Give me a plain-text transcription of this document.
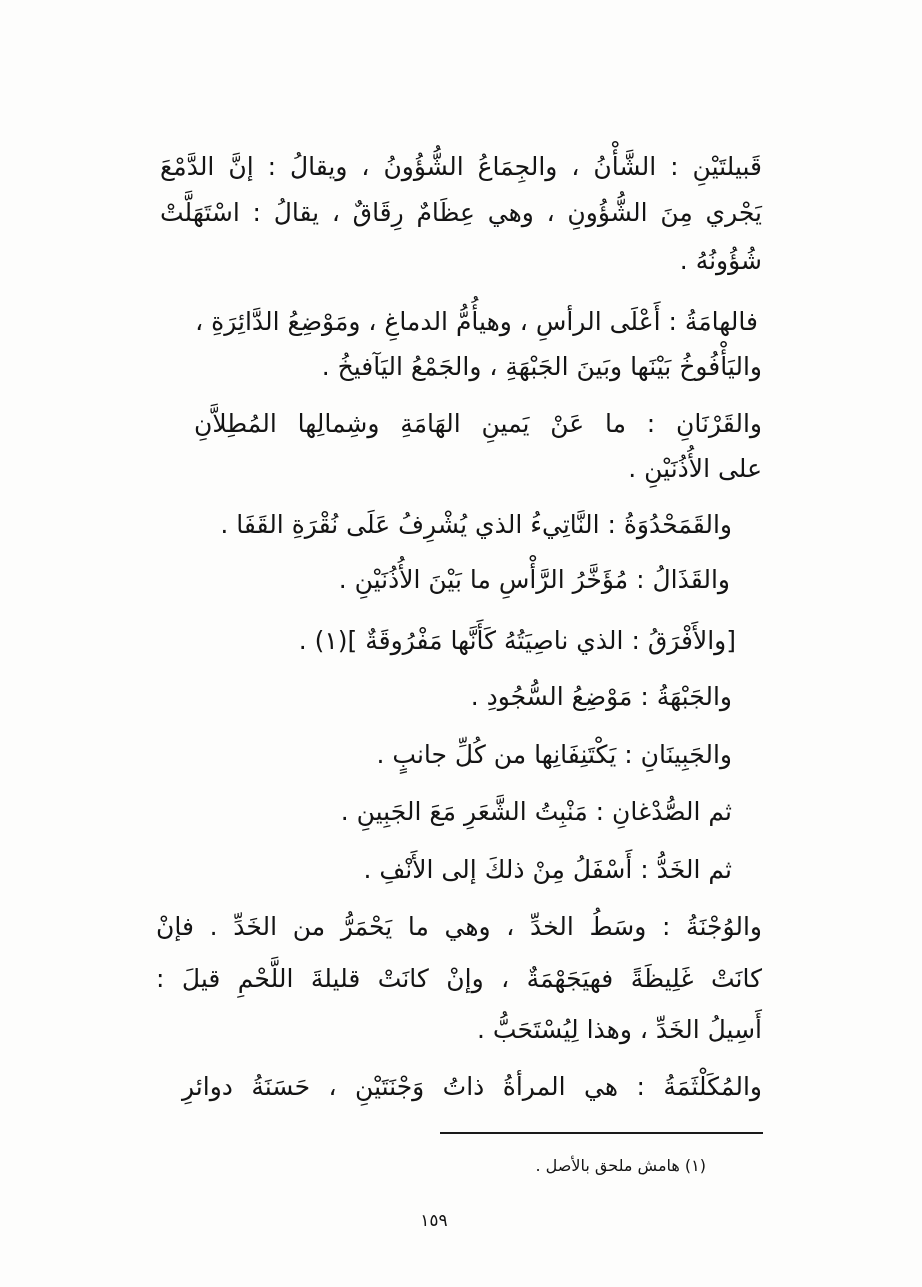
قَبيلتَيْنِ : الشَّأْنُ ، والجِمَاعُ الشُّؤُونُ ، ويقالُ : إنَّ الدَّمْعَ
يَجْري مِنَ الشُّؤُونِ ، وهي عِظَامٌ رِقَاقٌ ، يقالُ : اسْتَهَلَّتْ
شُؤُونُهُ .
فالهامَةُ : أَعْلَى الرأسِ ، وهيأُمُّ الدماغِ ، ومَوْضِعُ الدَّائِرَةِ ،
واليَأْفُوخُ بَيْنَها وبَينَ الجَبْهَةِ ، والجَمْعُ اليَآفيخُ .
والقَرْنَانِ : ما عَنْ يَمينِ الهَامَةِ وشِمالِها المُطِلاَّنِ
على الأُذُنَيْنِ .
والقَمَحْدُوَةُ : النَّاتِيءُ الذي يُشْرِفُ عَلَى نُقْرَةِ القَفَا .
والقَذَالُ : مُؤَخَّرُ الرَّأْسِ ما بَيْنَ الأُذُنَيْنِ .
[والأَفْرَقُ : الذي ناصِيَتُهُ كَأَنَّها مَفْرُوقَةٌ ](١) .
والجَبْهَةُ : مَوْضِعُ السُّجُودِ .
والجَبِينَانِ : يَكْتَنِفَانِها من كُلِّ جانبٍ .
ثم الصُّدْغانِ : مَنْبِتُ الشَّعَرِ مَعَ الجَبِينِ .
ثم الخَدُّ : أَسْفَلُ مِنْ ذلكَ إلى الأَنْفِ .
والوُجْنَةُ : وسَطُ الخدِّ ، وهي ما يَحْمَرُّ من الخَدِّ . فإنْ
كانَتْ غَلِيظَةً فهيَجَهْمَةٌ ، وإنْ كانَتْ قليلةَ اللَّحْمِ قيلَ :
أَسِيلُ الخَدِّ ، وهذا لِيُسْتَحَبُّ .
والمُكَلْثَمَةُ : هي المرأةُ ذاتُ وَجْنَتَيْنِ ، حَسَنَةُ دوائرِ
(١) هامش ملحق بالأصل .
١٥٩
